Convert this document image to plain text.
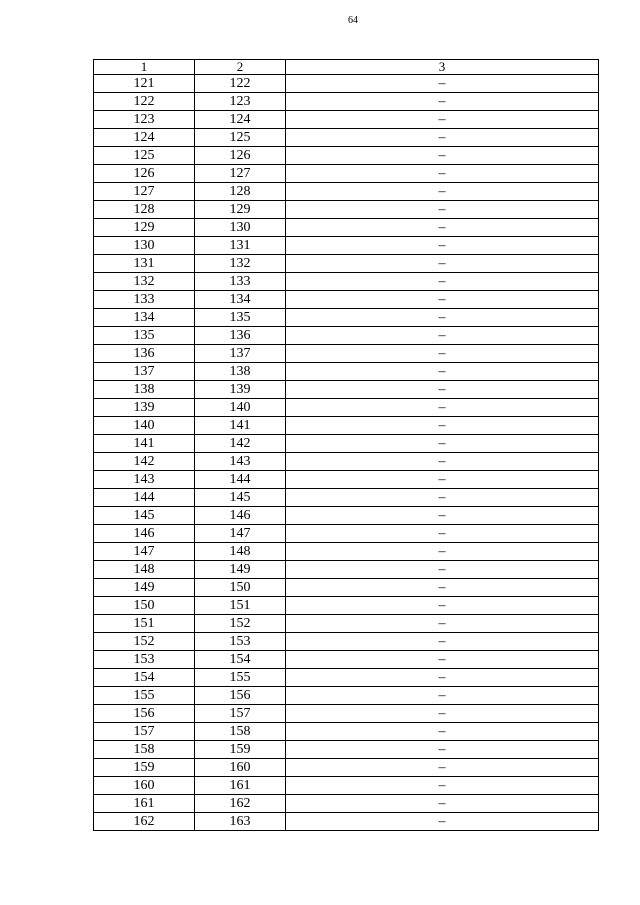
64
1	2	3
121	122	–
122	123	–
123	124	–
124	125	–
125	126	–
126	127	–
127	128	–
128	129	–
129	130	–
130	131	–
131	132	–
132	133	–
133	134	–
134	135	–
135	136	–
136	137	–
137	138	–
138	139	–
139	140	–
140	141	–
141	142	–
142	143	–
143	144	–
144	145	–
145	146	–
146	147	–
147	148	–
148	149	–
149	150	–
150	151	–
151	152	–
152	153	–
153	154	–
154	155	–
155	156	–
156	157	–
157	158	–
158	159	–
159	160	–
160	161	–
161	162	–
162	163	–
